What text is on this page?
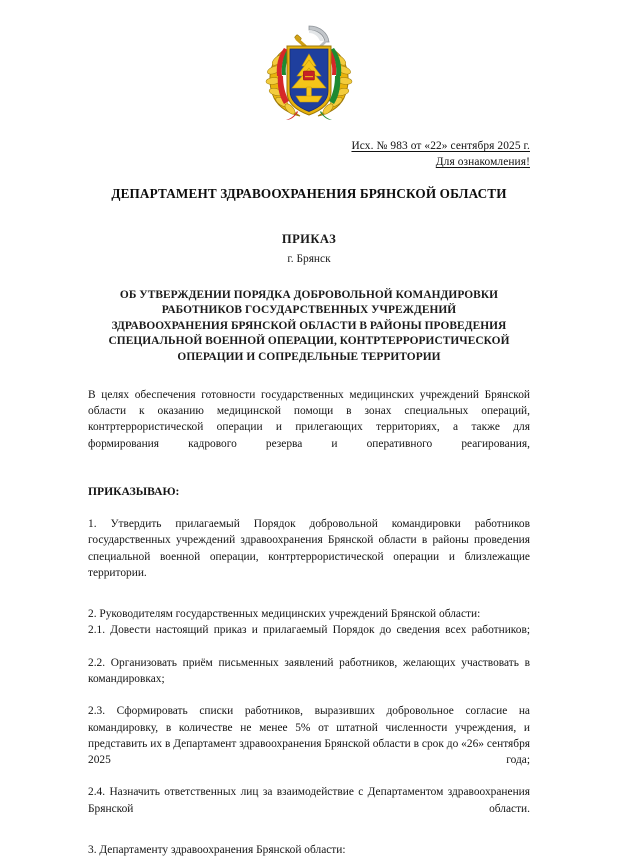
Исх. № 983 от «22» сентября 2025 г.
Для ознакомления!
ДЕПАРТАМЕНТ ЗДРАВООХРАНЕНИЯ БРЯНСКОЙ ОБЛАСТИ
ПРИКАЗ
г. Брянск
ОБ УТВЕРЖДЕНИИ ПОРЯДКА ДОБРОВОЛЬНОЙ КОМАНДИРОВКИ
РАБОТНИКОВ ГОСУДАРСТВЕННЫХ УЧРЕЖДЕНИЙ
ЗДРАВООХРАНЕНИЯ БРЯНСКОЙ ОБЛАСТИ В РАЙОНЫ ПРОВЕДЕНИЯ
СПЕЦИАЛЬНОЙ ВОЕННОЙ ОПЕРАЦИИ, КОНТРТЕРРОРИСТИЧЕСКОЙ
ОПЕРАЦИИ И СОПРЕДЕЛЬНЫЕ ТЕРРИТОРИИ

В целях обеспечения готовности государственных медицинских учреждений Брянской области к оказанию медицинской помощи в зонах специальных операций, контртеррористической операции и прилегающих территориях, а также для формирования кадрового резерва и оперативного реагирования,

ПРИКАЗЫВАЮ:

1. Утвердить прилагаемый Порядок добровольной командировки работников государственных учреждений здравоохранения Брянской области в районы проведения специальной военной операции, контртеррористической операции и близлежащие территории.

2. Руководителям государственных медицинских учреждений Брянской области:

2.1. Довести настоящий приказ и прилагаемый Порядок до сведения всех работников;

2.2. Организовать приём письменных заявлений работников, желающих участвовать в командировках;

2.3. Сформировать списки работников, выразивших добровольное согласие на командировку, в количестве не менее 5% от штатной численности учреждения, и представить их в Департамент здравоохранения Брянской области в срок до «26» сентября 2025 года;

2.4. Назначить ответственных лиц за взаимодействие с Департаментом здравоохранения Брянской области.

3. Департаменту здравоохранения Брянской области:
